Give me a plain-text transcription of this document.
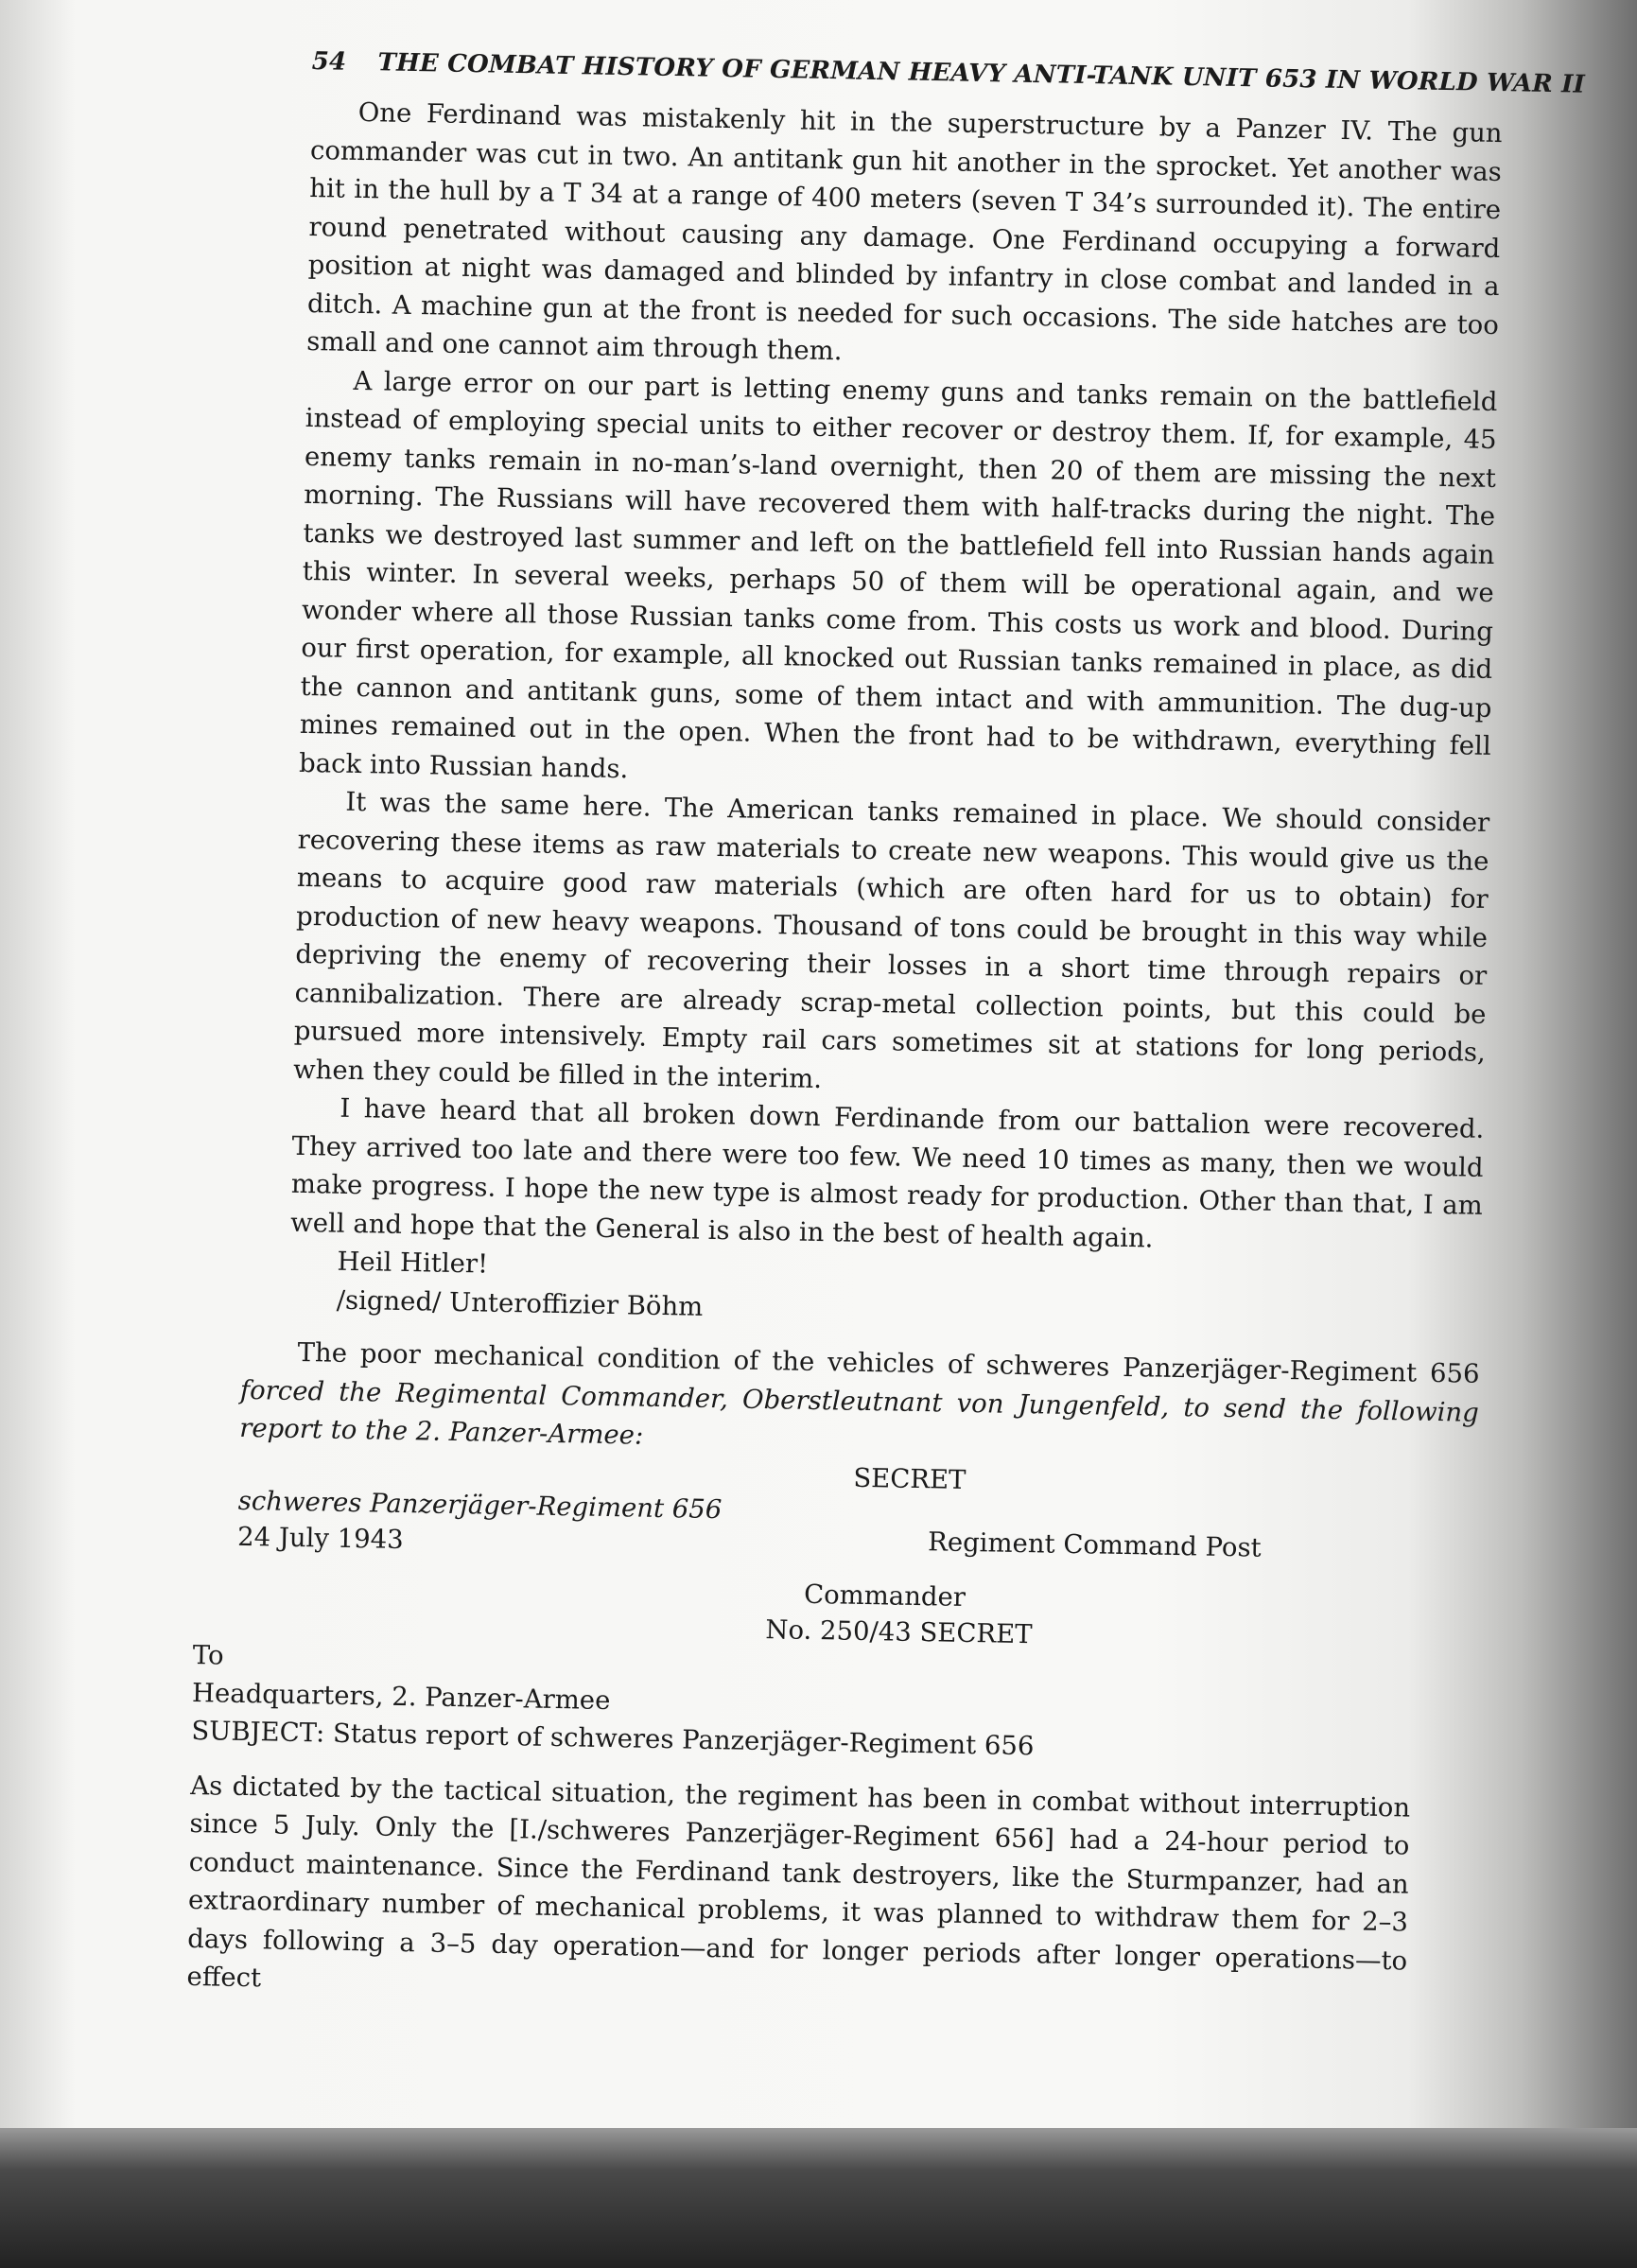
54 THE COMBAT HISTORY OF GERMAN HEAVY ANTI-TANK UNIT 653 IN WORLD WAR II

One Ferdinand was mistakenly hit in the superstructure by a Panzer IV. The gun commander was cut in two. An antitank gun hit another in the sprocket. Yet another was hit in the hull by a T 34 at a range of 400 meters (seven T 34’s surrounded it). The entire round penetrated without causing any damage. One Ferdinand occupying a forward position at night was damaged and blinded by infantry in close combat and landed in a ditch. A machine gun at the front is needed for such occasions. The side hatches are too small and one cannot aim through them.

A large error on our part is letting enemy guns and tanks remain on the battlefield instead of employing special units to either recover or destroy them. If, for example, 45 enemy tanks remain in no-man’s-land overnight, then 20 of them are missing the next morning. The Russians will have recovered them with half-tracks during the night. The tanks we destroyed last summer and left on the battlefield fell into Russian hands again this winter. In several weeks, perhaps 50 of them will be operational again, and we wonder where all those Russian tanks come from. This costs us work and blood. During our first operation, for example, all knocked out Russian tanks remained in place, as did the cannon and antitank guns, some of them intact and with ammunition. The dug-up mines remained out in the open. When the front had to be withdrawn, everything fell back into Russian hands.

It was the same here. The American tanks remained in place. We should consider recovering these items as raw materials to create new weapons. This would give us the means to acquire good raw materials (which are often hard for us to obtain) for production of new heavy weapons. Thousand of tons could be brought in this way while depriving the enemy of recovering their losses in a short time through repairs or cannibalization. There are already scrap-metal collection points, but this could be pursued more intensively. Empty rail cars sometimes sit at stations for long periods, when they could be filled in the interim.

I have heard that all broken down Ferdinande from our battalion were recovered. They arrived too late and there were too few. We need 10 times as many, then we would make progress. I hope the new type is almost ready for production. Other than that, I am well and hope that the General is also in the best of health again.

Heil Hitler!
/signed/ Unteroffizier Böhm
The poor mechanical condition of the vehicles of schweres Panzerjäger-Regiment 656 forced the Regimental Commander, Oberstleutnant von Jungenfeld, to send the following report to the 2. Panzer-Armee:
SECRET
schweres Panzerjäger-Regiment 656
24 July 1943	Regiment Command Post
Commander
No. 250/43 SECRET
To
Headquarters, 2. Panzer-Armee
SUBJECT: Status report of schweres Panzerjäger-Regiment 656

As dictated by the tactical situation, the regiment has been in combat without interruption since 5 July. Only the [I./schweres Panzerjäger-Regiment 656] had a 24-hour period to conduct maintenance. Since the Ferdinand tank destroyers, like the Sturmpanzer, had an extraordinary number of mechanical problems, it was planned to withdraw them for 2–3 days following a 3–5 day operation—and for longer periods after longer operations—to effect
